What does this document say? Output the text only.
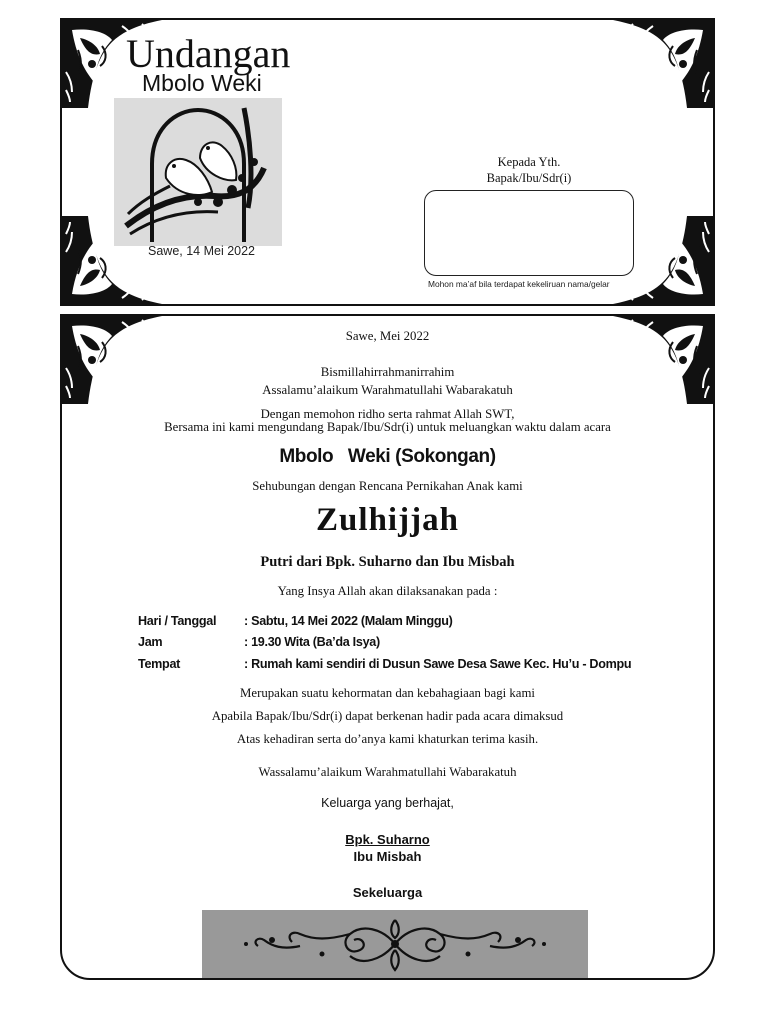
Undangan
Mbolo Weki
Sawe, 14 Mei 2022
Kepada Yth.
Bapak/Ibu/Sdr(i)
Mohon ma’af bila terdapat kekeliruan nama/gelar
Sawe, Mei 2022
Bismillahirrahmanirrahim
Assalamu’alaikum Warahmatullahi Wabarakatuh
Dengan memohon ridho serta rahmat Allah SWT,
Bersama ini kami mengundang Bapak/Ibu/Sdr(i) untuk meluangkan waktu dalam acara
Mbolo   Weki (Sokongan)
Sehubungan dengan Rencana Pernikahan Anak kami
Zulhijjah
Putri dari Bpk. Suharno dan Ibu Misbah
Yang Insya Allah akan dilaksanakan pada :
Hari / Tanggal : Sabtu, 14 Mei 2022 (Malam Minggu)
Jam	: 19.30 Wita (Ba’da Isya)
Tempat	: Rumah kami sendiri di Dusun Sawe Desa Sawe Kec. Hu’u - Dompu
Merupakan suatu kehormatan dan kebahagiaan bagi kami
Apabila Bapak/Ibu/Sdr(i) dapat berkenan hadir pada acara dimaksud
Atas kehadiran serta do’anya kami khaturkan terima kasih.
Wassalamu’alaikum Warahmatullahi Wabarakatuh
Keluarga yang berhajat,
Bpk. Suharno
Ibu Misbah
Sekeluarga
